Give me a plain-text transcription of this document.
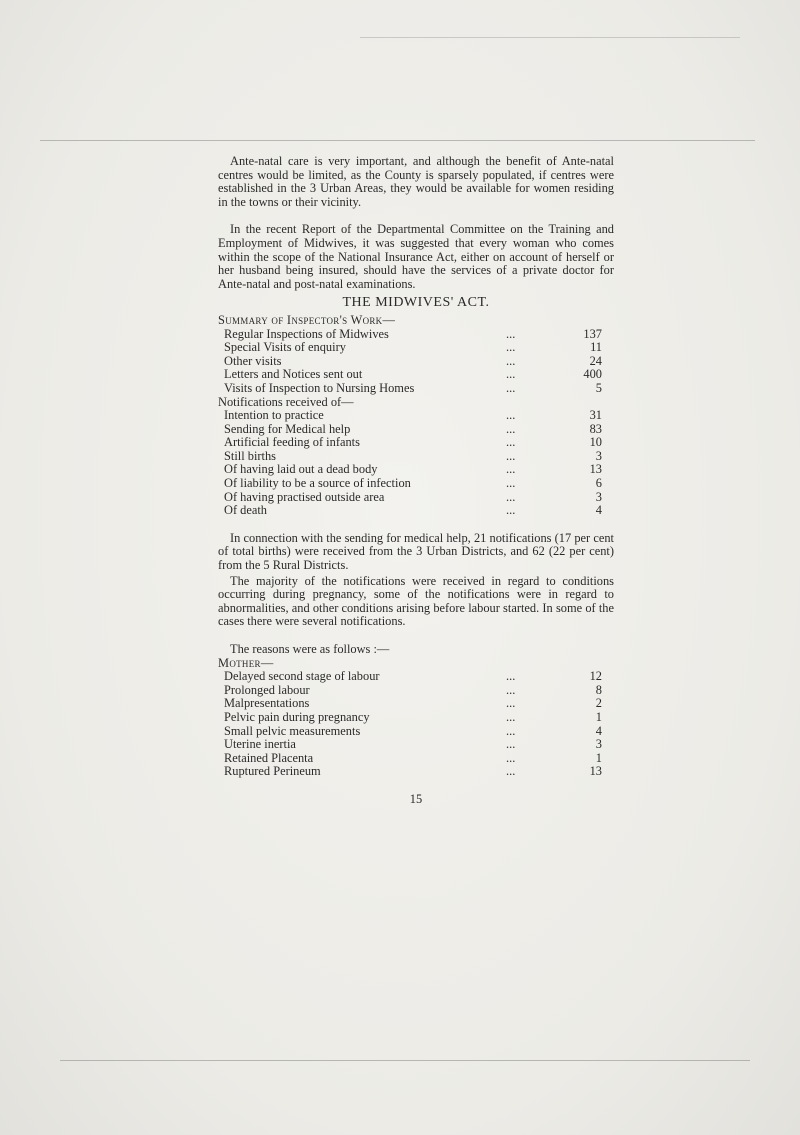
Ante-natal care is very important, and although the benefit of Ante-natal centres would be limited, as the County is sparsely populated, if centres were established in the 3 Urban Areas, they would be available for women residing in the towns or their vicinity.

In the recent Report of the Departmental Committee on the Training and Employment of Midwives, it was suggested that every woman who comes within the scope of the National Insurance Act, either on account of herself or her husband being insured, should have the services of a private doctor for Ante-natal and post-natal examinations.

THE MIDWIVES' ACT.
Summary of Inspector's Work—
Regular Inspections of Midwives	...	137
Special Visits of enquiry	...	11
Other visits	...	24
Letters and Notices sent out	...	400
Visits of Inspection to Nursing Homes	...	5
Notifications received of—
Intention to practice	...	31
Sending for Medical help	...	83
Artificial feeding of infants	...	10
Still births	...	3
Of having laid out a dead body	...	13
Of liability to be a source of infection	...	6
Of having practised outside area	...	3
Of death	...	4

In connection with the sending for medical help, 21 notifications (17 per cent of total births) were received from the 3 Urban Districts, and 62 (22 per cent) from the 5 Rural Districts.

The majority of the notifications were received in regard to conditions occurring during pregnancy, some of the notifications were in regard to abnormalities, and other conditions arising before labour started. In some of the cases there were several notifications.

The reasons were as follows :—

Mother—
Delayed second stage of labour	...	12
Prolonged labour	...	8
Malpresentations	...	2
Pelvic pain during pregnancy	...	1
Small pelvic measurements	...	4
Uterine inertia	...	3
Retained Placenta	...	1
Ruptured Perineum	...	13
15
